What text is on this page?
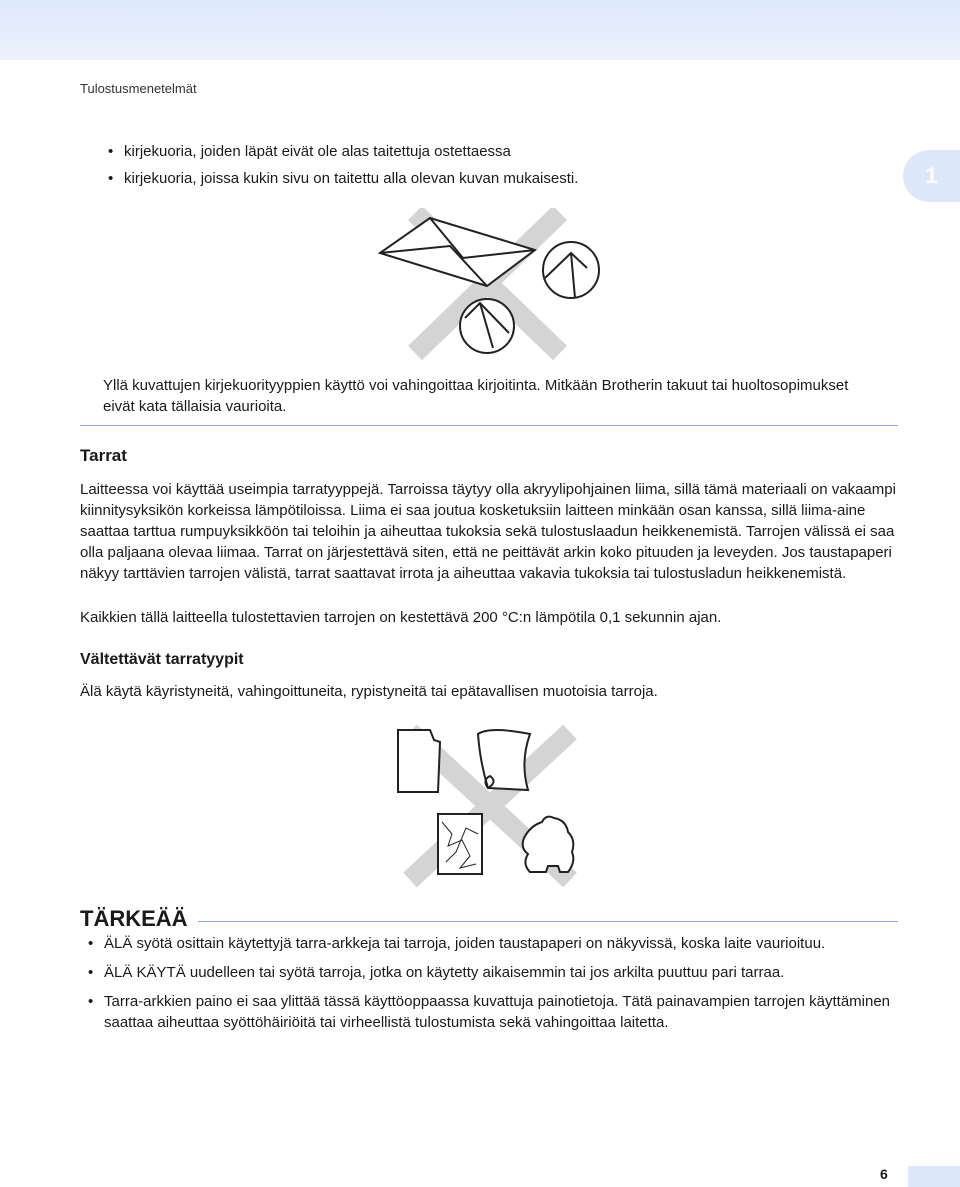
Tulostusmenetelmät
1
• kirjekuoria, joiden läpät eivät ole alas taitettuja ostettaessa
• kirjekuoria, joissa kukin sivu on taitettu alla olevan kuvan mukaisesti.

Yllä kuvattujen kirjekuorityyppien käyttö voi vahingoittaa kirjoitinta. Mitkään Brotherin takuut tai huoltosopimukset eivät kata tällaisia vaurioita.

Tarrat

Laitteessa voi käyttää useimpia tarratyyppejä. Tarroissa täytyy olla akryylipohjainen liima, sillä tämä materiaali on vakaampi kiinnitysyksikön korkeissa lämpötiloissa. Liima ei saa joutua kosketuksiin laitteen minkään osan kanssa, sillä liima-aine saattaa tarttua rumpuyksikköön tai teloihin ja aiheuttaa tukoksia sekä tulostuslaadun heikkenemistä. Tarrojen välissä ei saa olla paljaana olevaa liimaa. Tarrat on järjestettävä siten, että ne peittävät arkin koko pituuden ja leveyden. Jos taustapaperi näkyy tarttävien tarrojen välistä, tarrat saattavat irrota ja aiheuttaa vakavia tukoksia tai tulostusladun heikkenemistä.

Kaikkien tällä laitteella tulostettavien tarrojen on kestettävä 200 °C:n lämpötila 0,1 sekunnin ajan.

Vältettävät tarratyypit

Älä käytä käyristyneitä, vahingoittuneita, rypistyneitä tai epätavallisen muotoisia tarroja.

TÄRKEÄÄ
• ÄLÄ syötä osittain käytettyjä tarra-arkkeja tai tarroja, joiden taustapaperi on näkyvissä, koska laite vaurioituu.
• ÄLÄ KÄYTÄ uudelleen tai syötä tarroja, jotka on käytetty aikaisemmin tai jos arkilta puuttuu pari tarraa.
• Tarra-arkkien paino ei saa ylittää tässä käyttöoppaassa kuvattuja painotietoja. Tätä painavampien tarrojen käyttäminen saattaa aiheuttaa syöttöhäiriöitä tai virheellistä tulostumista sekä vahingoittaa laitetta.
6
